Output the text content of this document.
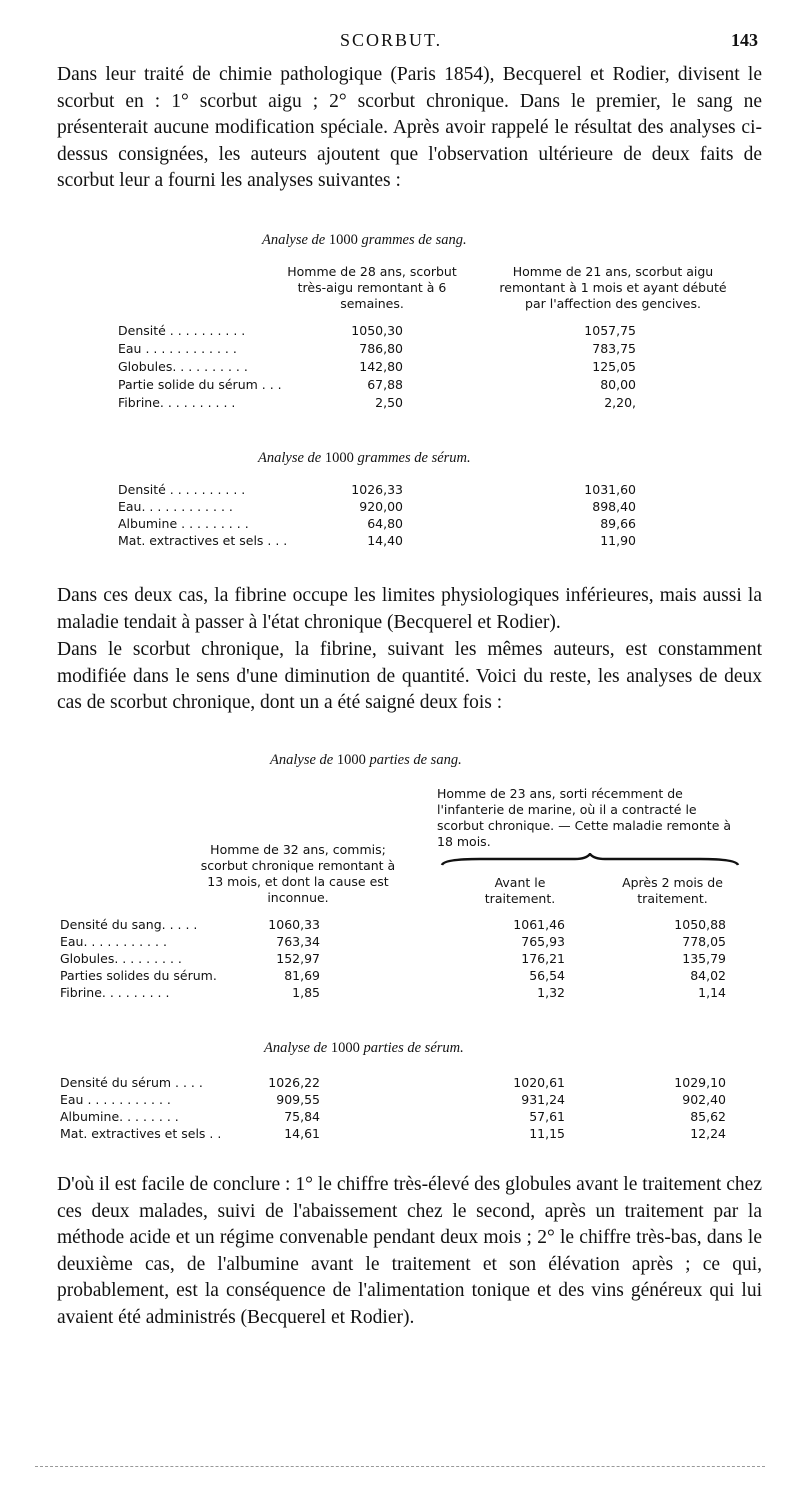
SCORBUT.	143

Dans leur traité de chimie pathologique (Paris 1854), Becquerel et Rodier, divisent le scorbut en : 1° scorbut aigu ; 2° scorbut chronique. Dans le premier, le sang ne présenterait aucune modification spéciale. Après avoir rappelé le résultat des analyses ci-dessus consignées, les auteurs ajoutent que l'observation ultérieure de deux faits de scorbut leur a fourni les analyses suivantes :

Analyse de 1000 grammes de sang.
Homme de 28 ans, scorbut très-aigu remontant à 6 semaines.
Homme de 21 ans, scorbut aigu remontant à 1 mois et ayant débuté par l'affection des gencives.
Densité . . . . . . . . . .	1050,30	1057,75
Eau . . . . . . . . . . . .	786,80	783,75
Globules. . . . . . . . . .	142,80	125,05
Partie solide du sérum . . .	67,88	80,00
Fibrine. . . . . . . . . .	2,50	2,20,
Analyse de 1000 grammes de sérum.
Densité . . . . . . . . . .	1026,33	1031,60
Eau. . . . . . . . . . . .	920,00	898,40
Albumine . . . . . . . . .	64,80	89,66
Mat. extractives et sels . . .	14,40	11,90

Dans ces deux cas, la fibrine occupe les limites physiologiques inférieures, mais aussi la maladie tendait à passer à l'état chronique (Becquerel et Rodier).

Dans le scorbut chronique, la fibrine, suivant les mêmes auteurs, est constamment modifiée dans le sens d'une diminution de quantité. Voici du reste, les analyses de deux cas de scorbut chronique, dont un a été saigné deux fois :

Analyse de 1000 parties de sang.
Homme de 23 ans, sorti récemment de l'infanterie de marine, où il a contracté le scorbut chronique. — Cette maladie remonte à 18 mois.
Homme de 32 ans, commis; scorbut chronique remontant à 13 mois, et dont la cause est inconnue.
Avant le traitement.
Après 2 mois de traitement.
Densité du sang. . . . .	1060,33	1061,46	1050,88
Eau. . . . . . . . . . .	763,34	765,93	778,05
Globules. . . . . . . . .	152,97	176,21	135,79
Parties solides du sérum.	81,69	56,54	84,02
Fibrine. . . . . . . . .	1,85	1,32	1,14
Analyse de 1000 parties de sérum.
Densité du sérum . . . .	1026,22	1020,61	1029,10
Eau . . . . . . . . . . .	909,55	931,24	902,40
Albumine. . . . . . . .	75,84	57,61	85,62
Mat. extractives et sels . .	14,61	11,15	12,24

D'où il est facile de conclure : 1° le chiffre très-élevé des globules avant le traitement chez ces deux malades, suivi de l'abaissement chez le second, après un traitement par la méthode acide et un régime convenable pendant deux mois ; 2° le chiffre très-bas, dans le deuxième cas, de l'albumine avant le traitement et son élévation après ; ce qui, probablement, est la conséquence de l'alimentation tonique et des vins généreux qui lui avaient été administrés (Becquerel et Rodier).
